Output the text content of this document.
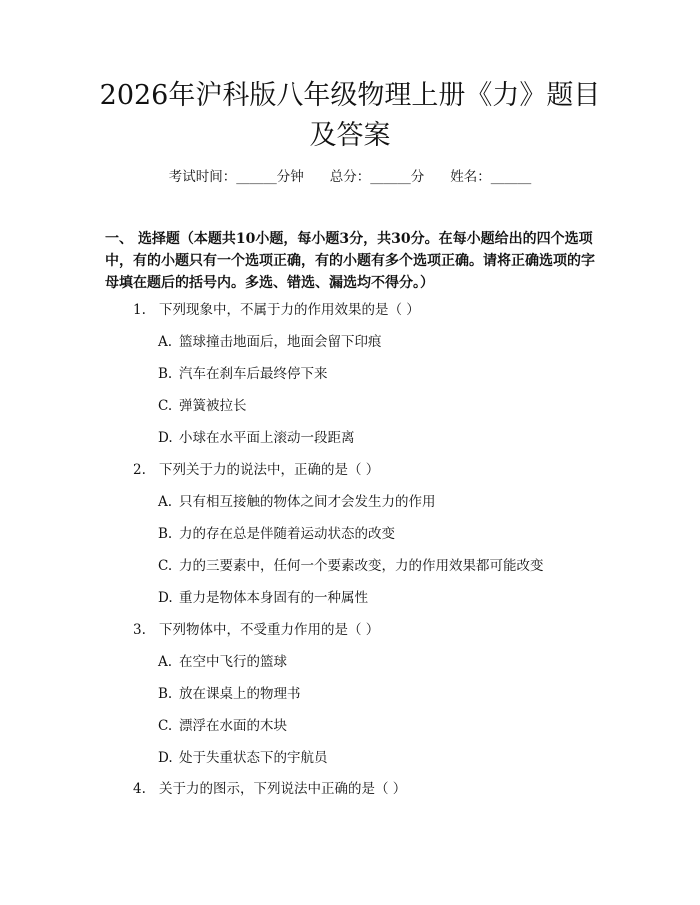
2026年沪科版八年级物理上册《力》题目及答案
考试时间：______分钟 总分：______分 姓名：______

一、 选择题（本题共10小题，每小题3分，共30分。在每小题给出的四个选项中，有的小题只有一个选项正确，有的小题有多个选项正确。请将正确选项的字母填在题后的括号内。多选、错选、漏选均不得分。）

1. 下列现象中，不属于力的作用效果的是（ ）
A. 篮球撞击地面后，地面会留下印痕
B. 汽车在刹车后最终停下来
C. 弹簧被拉长
D. 小球在水平面上滚动一段距离
2. 下列关于力的说法中，正确的是（ ）
A. 只有相互接触的物体之间才会发生力的作用
B. 力的存在总是伴随着运动状态的改变
C. 力的三要素中，任何一个要素改变，力的作用效果都可能改变
D. 重力是物体本身固有的一种属性
3. 下列物体中，不受重力作用的是（ ）
A. 在空中飞行的篮球
B. 放在课桌上的物理书
C. 漂浮在水面的木块
D. 处于失重状态下的宇航员
4. 关于力的图示，下列说法中正确的是（ ）
